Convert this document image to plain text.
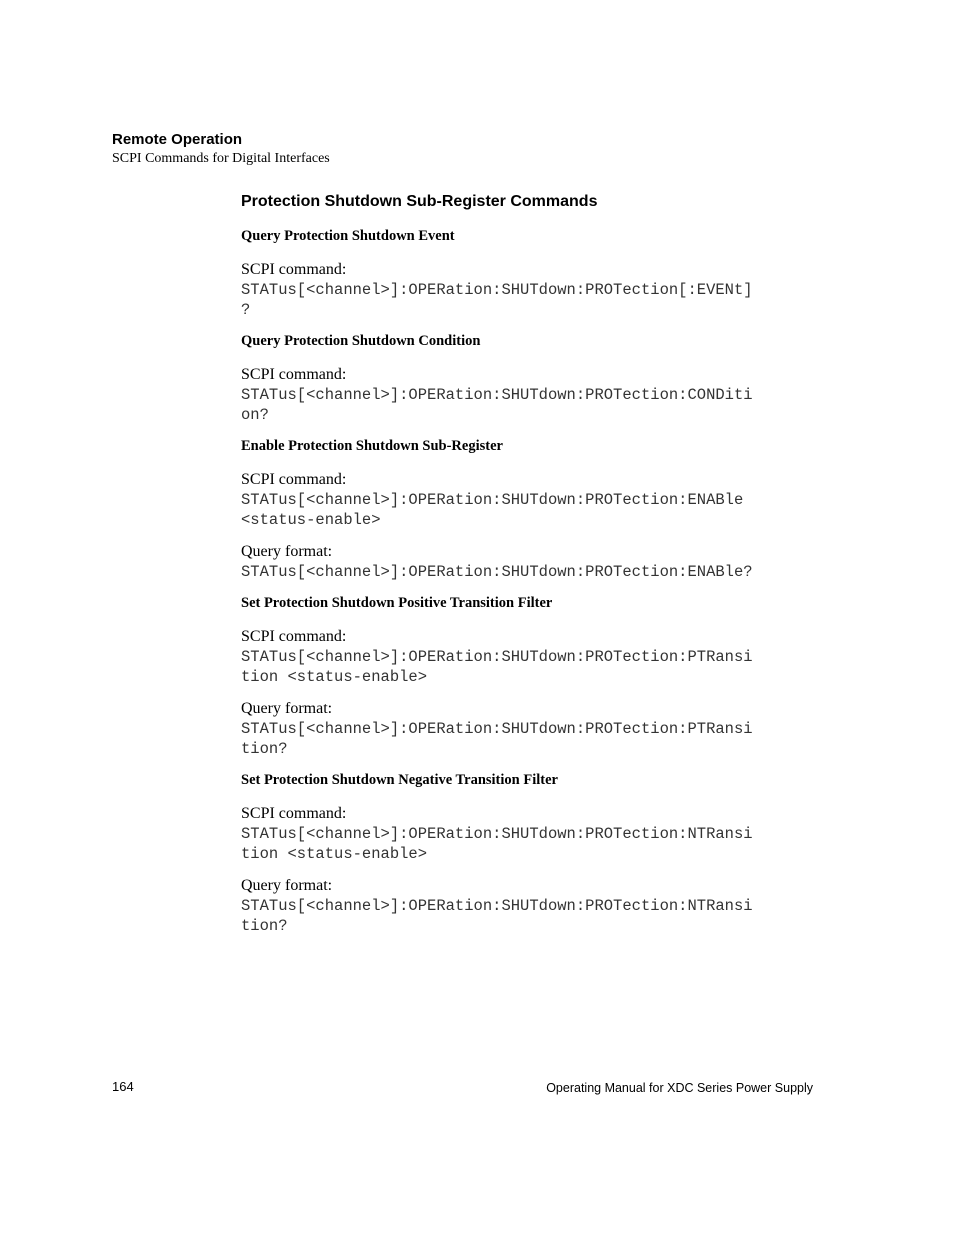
Remote Operation
SCPI Commands for Digital Interfaces
Protection Shutdown Sub-Register Commands
Query Protection Shutdown Event
SCPI command:
STATus[<channel>]:OPERation:SHUTdown:PROTection[:EVENt]
?
Query Protection Shutdown Condition
SCPI command:
STATus[<channel>]:OPERation:SHUTdown:PROTection:CONDiti
on?
Enable Protection Shutdown Sub-Register
SCPI command:
STATus[<channel>]:OPERation:SHUTdown:PROTection:ENABle
<status-enable>
Query format:
STATus[<channel>]:OPERation:SHUTdown:PROTection:ENABle?
Set Protection Shutdown Positive Transition Filter
SCPI command:
STATus[<channel>]:OPERation:SHUTdown:PROTection:PTRansi
tion <status-enable>
Query format:
STATus[<channel>]:OPERation:SHUTdown:PROTection:PTRansi
tion?
Set Protection Shutdown Negative Transition Filter
SCPI command:
STATus[<channel>]:OPERation:SHUTdown:PROTection:NTRansi
tion <status-enable>
Query format:
STATus[<channel>]:OPERation:SHUTdown:PROTection:NTRansi
tion?
164	Operating Manual for XDC Series Power Supply
